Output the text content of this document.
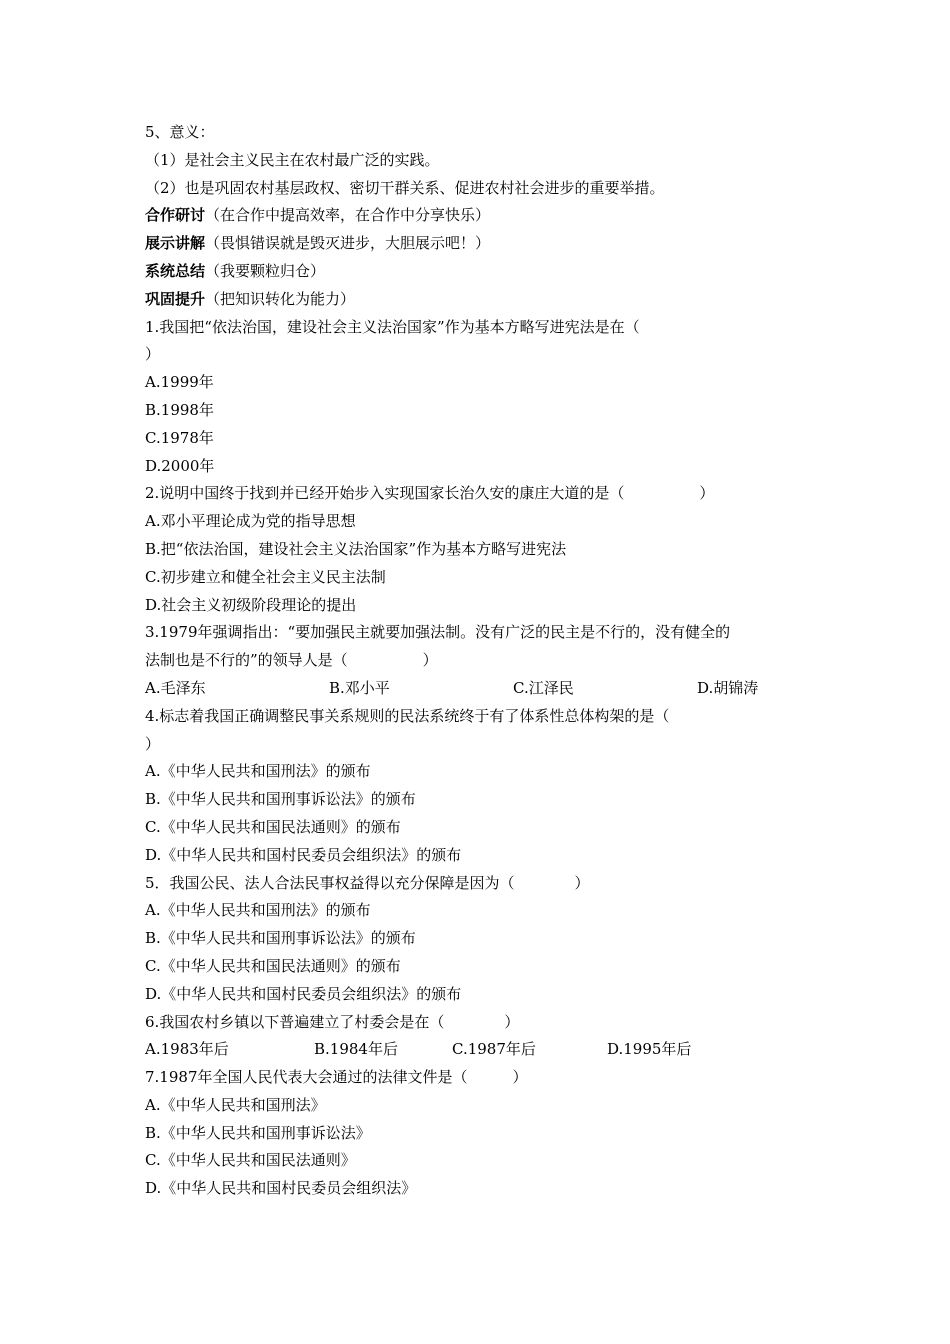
5、意义：
（1）是社会主义民主在农村最广泛的实践。
（2）也是巩固农村基层政权、密切干群关系、促进农村社会进步的重要举措。
合作研讨（在合作中提高效率，在合作中分享快乐）
展示讲解（畏惧错误就是毁灭进步，大胆展示吧！）
系统总结（我要颗粒归仓）
巩固提升（把知识转化为能力）
1.我国把“依法治国，建设社会主义法治国家”作为基本方略写进宪法是在（
）
A.1999年
B.1998年
C.1978年
D.2000年
2.说明中国终于找到并已经开始步入实现国家长治久安的康庄大道的是（　　　　　）
A.邓小平理论成为党的指导思想
B.把“依法治国，建设社会主义法治国家”作为基本方略写进宪法
C.初步建立和健全社会主义民主法制
D.社会主义初级阶段理论的提出
3.1979年强调指出：“要加强民主就要加强法制。没有广泛的民主是不行的，没有健全的
法制也是不行的”的领导人是（　　　　　）
A.毛泽东	B.邓小平	C.江泽民	D.胡锦涛
4.标志着我国正确调整民事关系规则的民法系统终于有了体系性总体构架的是（
）
A.《中华人民共和国刑法》的颁布
B.《中华人民共和国刑事诉讼法》的颁布
C.《中华人民共和国民法通则》的颁布
D.《中华人民共和国村民委员会组织法》的颁布
5．我国公民、法人合法民事权益得以充分保障是因为（　　　　）
A.《中华人民共和国刑法》的颁布
B.《中华人民共和国刑事诉讼法》的颁布
C.《中华人民共和国民法通则》的颁布
D.《中华人民共和国村民委员会组织法》的颁布
6.我国农村乡镇以下普遍建立了村委会是在（　　　　）
A.1983年后	B.1984年后	C.1987年后	D.1995年后
7.1987年全国人民代表大会通过的法律文件是（　　　）
A.《中华人民共和国刑法》
B.《中华人民共和国刑事诉讼法》
C.《中华人民共和国民法通则》
D.《中华人民共和国村民委员会组织法》
